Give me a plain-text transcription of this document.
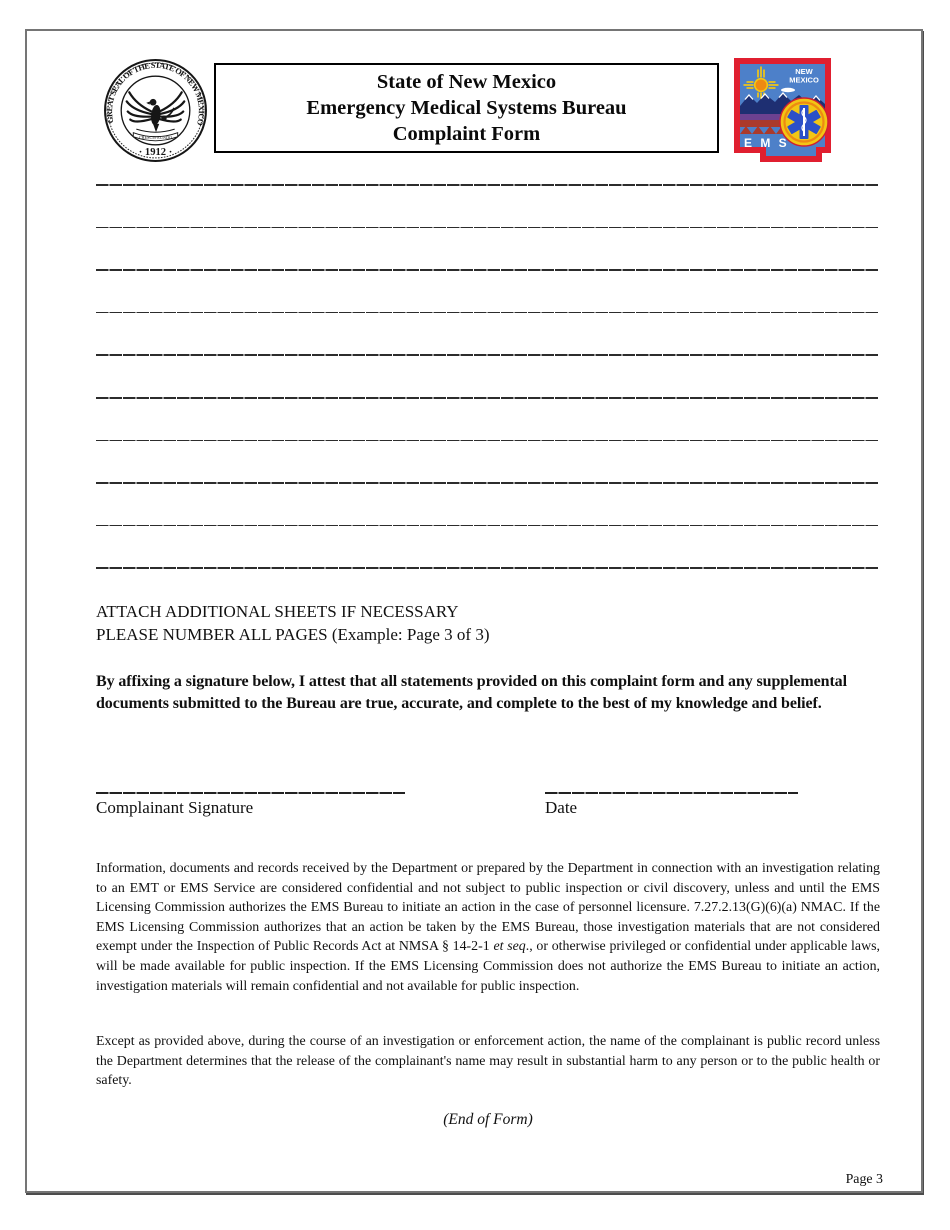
GREAT SEAL OF THE STATE OF NEW MEXICO
· 1912 ·
CRESCIT EUNDO
State of New Mexico
Emergency Medical Systems Bureau
Complaint Form	E M S
NEW
MEXICO
ATTACH ADDITIONAL SHEETS IF NECESSARY
PLEASE NUMBER ALL PAGES (Example: Page 3 of 3)
By affixing a signature below, I attest that all statements provided on this complaint form and any supplemental documents submitted to the Bureau are true, accurate, and complete to the best of my knowledge and belief.
Complainant Signature	Date
Information, documents and records received by the Department or prepared by the Department in connection with an investigation relating to an EMT or EMS Service are considered confidential and not subject to public inspection or civil discovery, unless and until the EMS Licensing Commission authorizes the EMS Bureau to initiate an action in the case of personnel licensure. 7.27.2.13(G)(6)(a) NMAC. If the EMS Licensing Commission authorizes that an action be taken by the EMS Bureau, those investigation materials that are not considered exempt under the Inspection of Public Records Act at NMSA § 14-2-1 et seq., or otherwise privileged or confidential under applicable laws, will be made available for public inspection. If the EMS Licensing Commission does not authorize the EMS Bureau to initiate an action, investigation materials will remain confidential and not available for public inspection.
Except as provided above, during the course of an investigation or enforcement action, the name of the complainant is public record unless the Department determines that the release of the complainant's name may result in substantial harm to any person or to the public health or safety.
(End of Form)
Page 3
